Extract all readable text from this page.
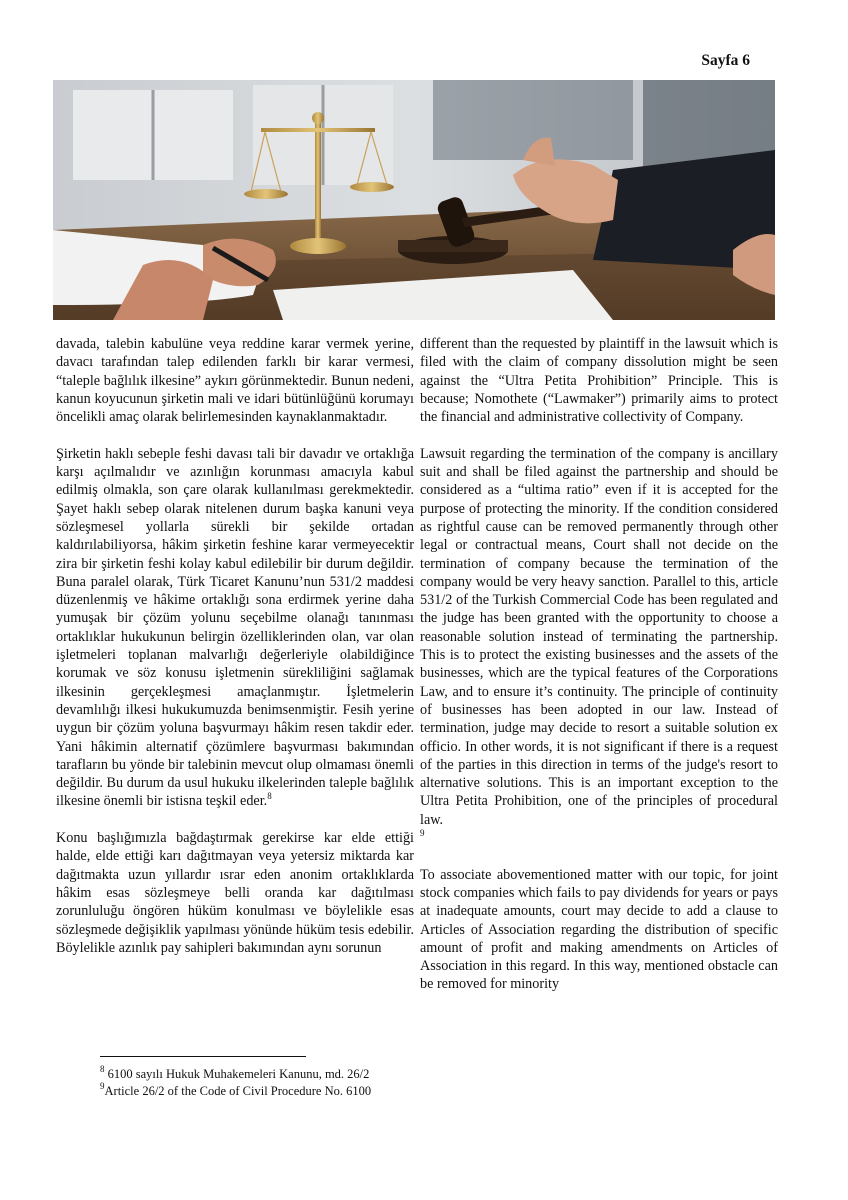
Sayfa 6

davada, talebin kabulüne veya reddine karar vermek yerine, davacı tarafından talep edilenden farklı bir karar vermesi, “taleple bağlılık ilkesine” aykırı görünmektedir. Bunun nedeni, kanun koyucunun şirketin mali ve idari bütünlüğünü korumayı öncelikli amaç olarak belirlemesinden kaynaklanmaktadır.

Şirketin haklı sebeple feshi davası tali bir davadır ve ortaklığa karşı açılmalıdır ve azınlığın korunması amacıyla kabul edilmiş olmakla, son çare olarak kullanılması gerekmektedir. Şayet haklı sebep olarak nitelenen durum başka kanuni veya sözleşmesel yollarla sürekli bir şekilde ortadan kaldırılabiliyorsa, hâkim şirketin feshine karar vermeyecektir zira bir şirketin feshi kolay kabul edilebilir bir durum değildir. Buna paralel olarak, Türk Ticaret Kanunu’nun 531/2 maddesi düzenlenmiş ve hâkime ortaklığı sona erdirmek yerine daha yumuşak bir çözüm yolunu seçebilme olanağı tanınması ortaklıklar hukukunun belirgin özelliklerinden olan, var olan işletmeleri toplanan malvarlığı değerleriyle olabildiğince korumak ve söz konusu işletmenin sürekliliğini sağlamak ilkesinin gerçekleşmesi amaçlanmıştır. İşletmelerin devamlılığı ilkesi hukukumuzda benimsenmiştir. Fesih yerine uygun bir çözüm yoluna başvurmayı hâkim resen takdir eder. Yani hâkimin alternatif çözümlere başvurması bakımından tarafların bu yönde bir talebinin mevcut olup olmaması önemli değildir. Bu durum da usul hukuku ilkelerinden taleple bağlılık ilkesine önemli bir istisna teşkil eder.$^8$

Konu başlığımızla bağdaştırmak gerekirse kar elde ettiği halde, elde ettiği karı dağıtmayan veya yetersiz miktarda kar dağıtmakta uzun yıllardır ısrar eden anonim ortaklıklarda hâkim esas sözleşmeye belli oranda kar dağıtılması zorunluluğu öngören hüküm konulması ve böylelikle esas sözleşmede değişiklik yapılması yönünde hüküm tesis edebilir. Böylelikle azınlık pay sahipleri bakımından aynı sorunun

different than the requested by plaintiff in the lawsuit which is filed with the claim of company dissolution might be seen against the “Ultra Petita Prohibition” Principle. This is because; Nomothete (“Lawmaker”) primarily aims to protect the financial and administrative collectivity of Company.

Lawsuit regarding the termination of the company is ancillary suit and shall be filed against the partnership and should be considered as a “ultima ratio” even if it is accepted for the purpose of protecting the minority. If the condition considered as rightful cause can be removed permanently through other legal or contractual means, Court shall not decide on the termination of company because the termination of the company would be very heavy sanction. Parallel to this, article 531/2 of the Turkish Commercial Code has been regulated and the judge has been granted with the opportunity to choose a reasonable solution instead of terminating the partnership. This is to protect the existing businesses and the assets of the businesses, which are the typical features of the Corporations Law, and to ensure it’s continuity. The principle of continuity of businesses has been adopted in our law. Instead of termination, judge may decide to resort a suitable solution ex officio. In other words, it is not significant if there is a request of the parties in this direction in terms of the judge's resort to alternative solutions. This is an important exception to the Ultra Petita Prohibition, one of the principles of procedural law.
$^9$

To associate abovementioned matter with our topic, for joint stock companies which fails to pay dividends for years or pays at inadequate amounts, court may decide to add a clause to Articles of Association regarding the distribution of specific amount of profit and making amendments on Articles of Association in this regard. In this way, mentioned obstacle can be removed for minority

$^8$ 6100 sayılı Hukuk Muhakemeleri Kanunu, md. 26/2
$^9$Article 26/2 of the Code of Civil Procedure No. 6100
